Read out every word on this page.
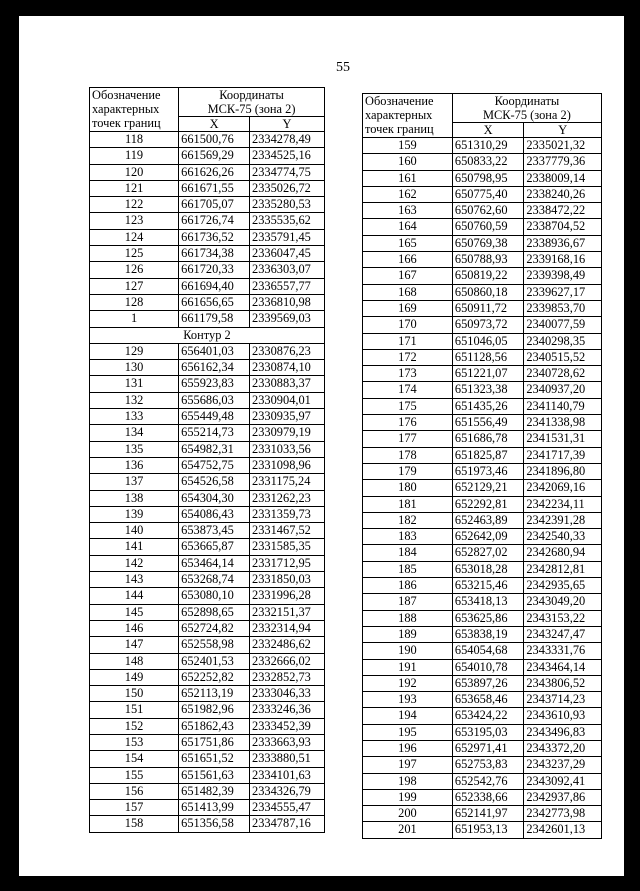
55
Обозначение
характерных
точек границ	Координаты
МСК-75 (зона 2)	
	X	Y
118	661500,76	2334278,49
119	661569,29	2334525,16
120	661626,26	2334774,75
121	661671,55	2335026,72
122	661705,07	2335280,53
123	661726,74	2335535,62
124	661736,52	2335791,45
125	661734,38	2336047,45
126	661720,33	2336303,07
127	661694,40	2336557,77
128	661656,65	2336810,98
1	661179,58	2339569,03
Контур 2		
129	656401,03	2330876,23
130	656162,34	2330874,10
131	655923,83	2330883,37
132	655686,03	2330904,01
133	655449,48	2330935,97
134	655214,73	2330979,19
135	654982,31	2331033,56
136	654752,75	2331098,96
137	654526,58	2331175,24
138	654304,30	2331262,23
139	654086,43	2331359,73
140	653873,45	2331467,52
141	653665,87	2331585,35
142	653464,14	2331712,95
143	653268,74	2331850,03
144	653080,10	2331996,28
145	652898,65	2332151,37
146	652724,82	2332314,94
147	652558,98	2332486,62
148	652401,53	2332666,02
149	652252,82	2332852,73
150	652113,19	2333046,33
151	651982,96	2333246,36
152	651862,43	2333452,39
153	651751,86	2333663,93
154	651651,52	2333880,51
155	651561,63	2334101,63
156	651482,39	2334326,79
157	651413,99	2334555,47
158	651356,58	2334787,16
Обозначение
характерных
точек границ	Координаты
МСК-75 (зона 2)	
	X	Y
159	651310,29	2335021,32
160	650833,22	2337779,36
161	650798,95	2338009,14
162	650775,40	2338240,26
163	650762,60	2338472,22
164	650760,59	2338704,52
165	650769,38	2338936,67
166	650788,93	2339168,16
167	650819,22	2339398,49
168	650860,18	2339627,17
169	650911,72	2339853,70
170	650973,72	2340077,59
171	651046,05	2340298,35
172	651128,56	2340515,52
173	651221,07	2340728,62
174	651323,38	2340937,20
175	651435,26	2341140,79
176	651556,49	2341338,98
177	651686,78	2341531,31
178	651825,87	2341717,39
179	651973,46	2341896,80
180	652129,21	2342069,16
181	652292,81	2342234,11
182	652463,89	2342391,28
183	652642,09	2342540,33
184	652827,02	2342680,94
185	653018,28	2342812,81
186	653215,46	2342935,65
187	653418,13	2343049,20
188	653625,86	2343153,22
189	653838,19	2343247,47
190	654054,68	2343331,76
191	654010,78	2343464,14
192	653897,26	2343806,52
193	653658,46	2343714,23
194	653424,22	2343610,93
195	653195,03	2343496,83
196	652971,41	2343372,20
197	652753,83	2343237,29
198	652542,76	2343092,41
199	652338,66	2342937,86
200	652141,97	2342773,98
201	651953,13	2342601,13
